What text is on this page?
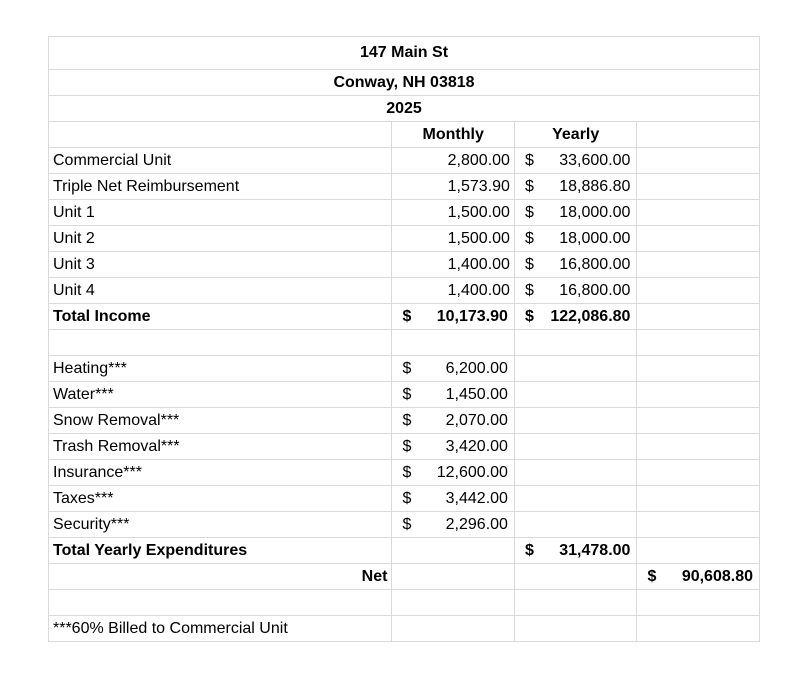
147 Main St			
Conway, NH 03818			
2025			
	Monthly	Yearly	
Commercial Unit	2,800.00	$ 33,600.00	

Triple Net Reimbursement	1,573.90	$ 18,886.80	

Unit 1	1,500.00	$ 18,000.00	

Unit 2	1,500.00	$ 18,000.00	

Unit 3	1,400.00	$ 16,800.00	

Unit 4	1,400.00	$ 16,800.00	

Total Income	$ 10,173.90	$ 122,086.80	

Heating***	$ 6,200.00		

Water***	$ 1,450.00		

Snow Removal***	$ 2,070.00		

Trash Removal***	$ 3,420.00		

Insurance***	$ 12,600.00		

Taxes***	$ 3,442.00		

Security***	$ 2,296.00		

Total Yearly Expenditures		$ 31,478.00	

Net			$ 90,608.80

***60% Billed to Commercial Unit			
